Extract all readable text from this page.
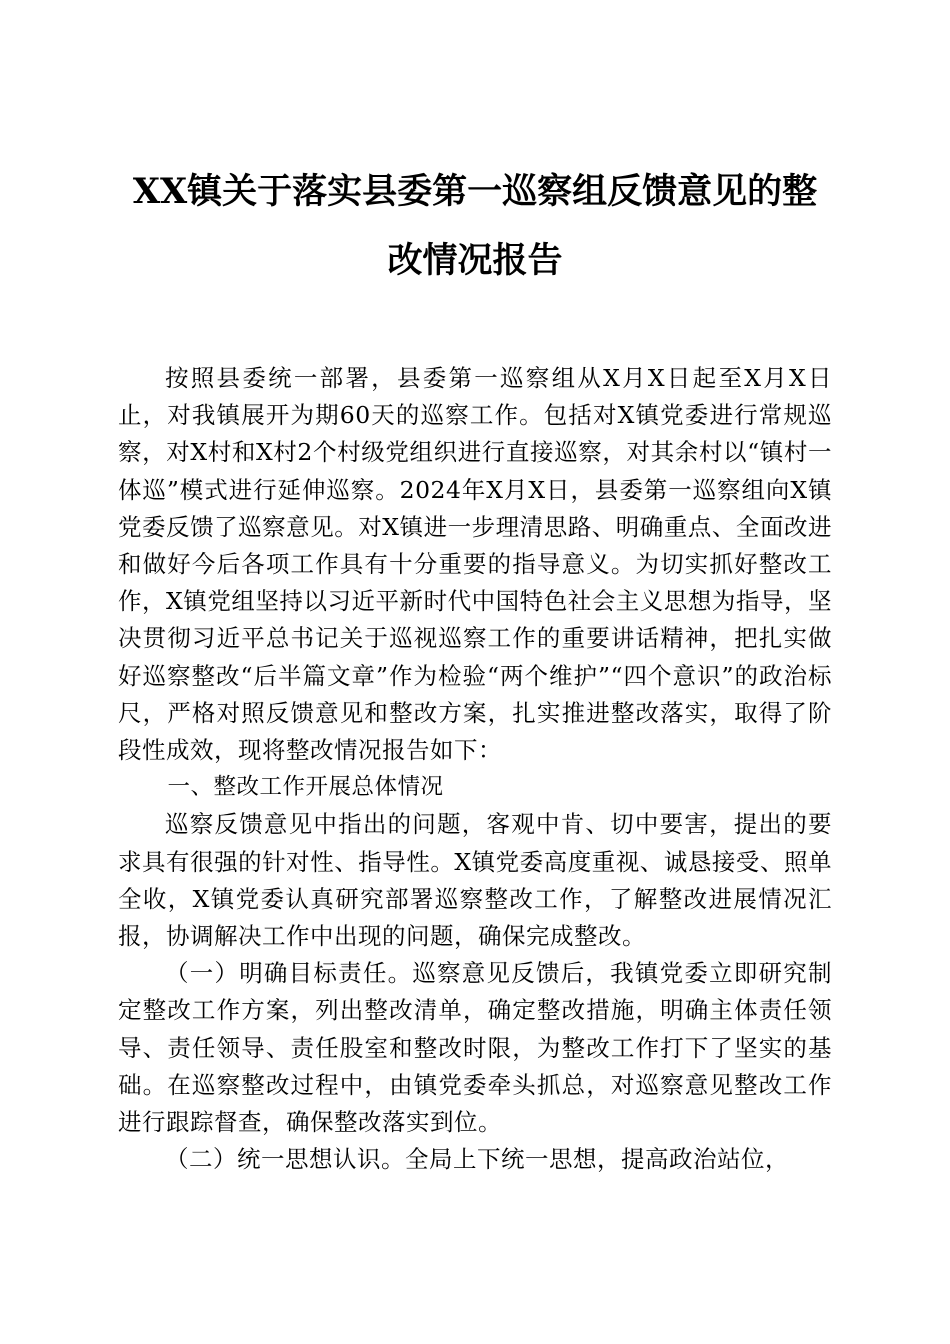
XX镇关于落实县委第一巡察组反馈意见的整
改情况报告

按照县委统一部署，县委第一巡察组从X月X日起至X月X日止，对我镇展开为期60天的巡察工作。包括对X镇党委进行常规巡察，对X村和X村2个村级党组织进行直接巡察，对其余村以“镇村一体巡”模式进行延伸巡察。2024年X月X日，县委第一巡察组向X镇党委反馈了巡察意见。对X镇进一步理清思路、明确重点、全面改进和做好今后各项工作具有十分重要的指导意义。为切实抓好整改工作，X镇党组坚持以习近平新时代中国特色社会主义思想为指导，坚决贯彻习近平总书记关于巡视巡察工作的重要讲话精神，把扎实做好巡察整改“后半篇文章”作为检验“两个维护”“四个意识”的政治标尺，严格对照反馈意见和整改方案，扎实推进整改落实，取得了阶段性成效，现将整改情况报告如下：

一、整改工作开展总体情况

巡察反馈意见中指出的问题，客观中肯、切中要害，提出的要求具有很强的针对性、指导性。X镇党委高度重视、诚恳接受、照单全收，X镇党委认真研究部署巡察整改工作，了解整改进展情况汇报，协调解决工作中出现的问题，确保完成整改。

（一）明确目标责任。巡察意见反馈后，我镇党委立即研究制定整改工作方案，列出整改清单，确定整改措施，明确主体责任领导、责任领导、责任股室和整改时限，为整改工作打下了坚实的基础。在巡察整改过程中，由镇党委牵头抓总，对巡察意见整改工作进行跟踪督查，确保整改落实到位。

（二）统一思想认识。全局上下统一思想，提高政治站位，
